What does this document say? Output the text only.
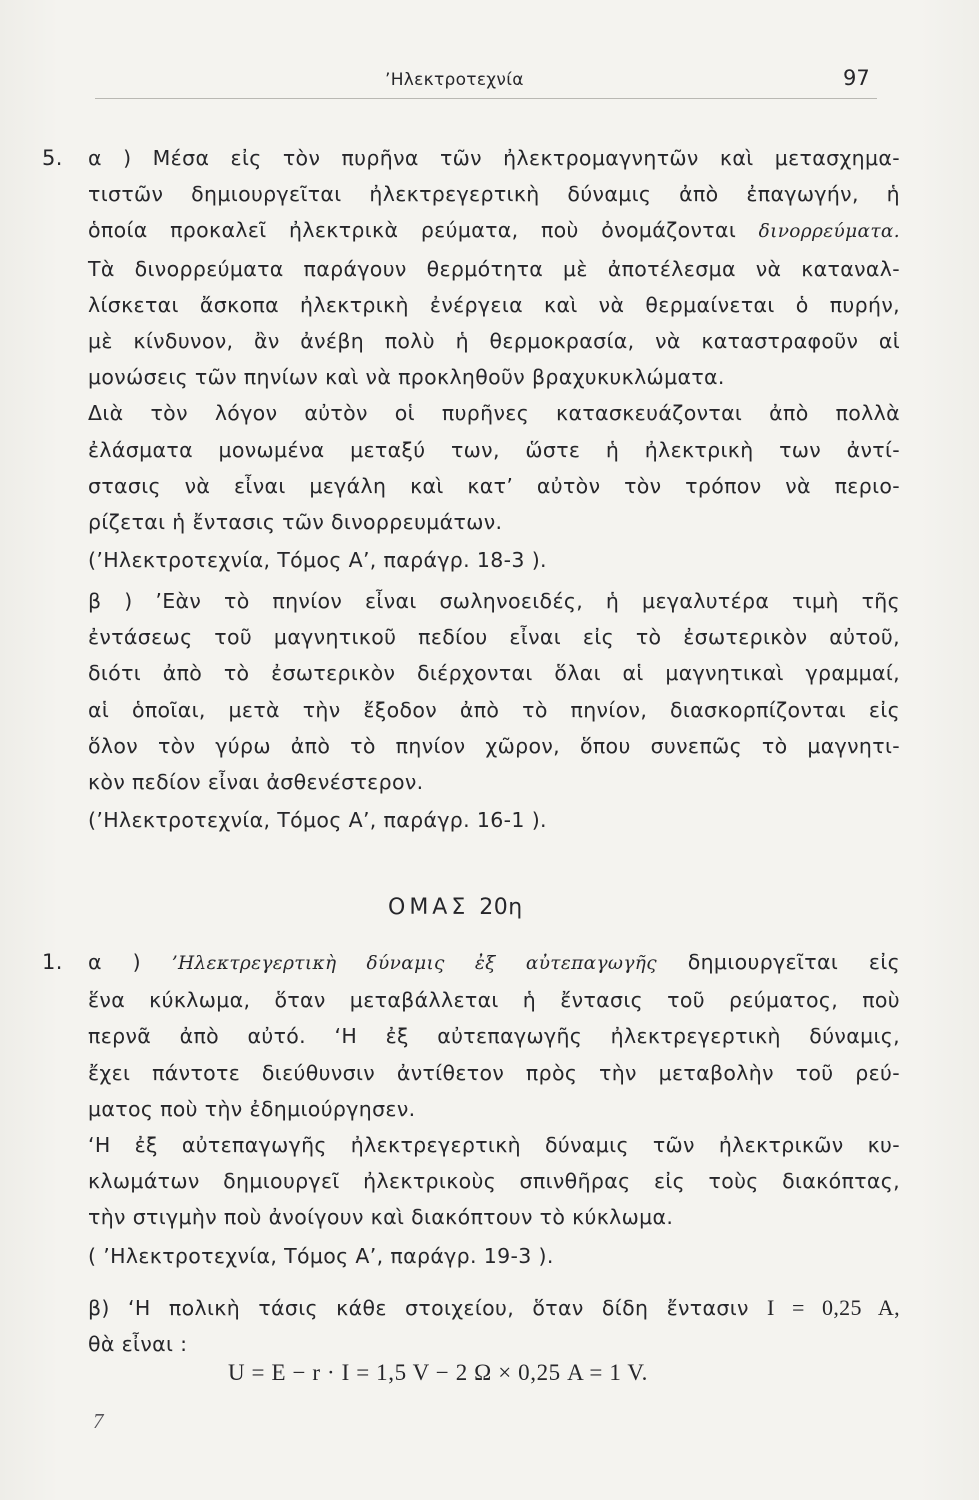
’Ηλεκτροτεχνία	97
5. α ) Μέσα εἰς τὸν πυρῆνα τῶν ἠλεκτρομαγνητῶν καὶ μετασχημα-
τιστῶν δημιουργεῖται ἠλεκτρεγερτικὴ δύναμις ἀπὸ ἐπαγωγήν, ἡ
ὁποία προκαλεῖ ἠλεκτρικὰ ρεύματα, ποὺ ὀνομάζονται δινορρεύματα.
Τὰ δινορρεύματα παράγουν θερμότητα μὲ ἀποτέλεσμα νὰ καταναλ-
λίσκεται ἄσκοπα ἠλεκτρικὴ ἐνέργεια καὶ νὰ θερμαίνεται ὁ πυρήν,
μὲ κίνδυνον, ἂν ἀνέβη πολὺ ἡ θερμοκρασία, νὰ καταστραφοῦν αἱ
μονώσεις τῶν πηνίων καὶ νὰ προκληθοῦν βραχυκυκλώματα.
Διὰ τὸν λόγον αὐτὸν οἱ πυρῆνες κατασκευάζονται ἀπὸ πολλὰ
ἐλάσματα μονωμένα μεταξύ των, ὥστε ἡ ἠλεκτρικὴ των ἀντί-
στασις νὰ εἶναι μεγάλη καὶ κατ’ αὐτὸν τὸν τρόπον νὰ περιο-
ρίζεται ἡ ἔντασις τῶν δινορρευμάτων.
(’Ηλεκτροτεχνία, Τόμος Α’, παράγρ. 18-3 ).
β ) ’Εὰν τὸ πηνίον εἶναι σωληνοειδές, ἡ μεγαλυτέρα τιμὴ τῆς
ἐντάσεως τοῦ μαγνητικοῦ πεδίου εἶναι εἰς τὸ ἐσωτερικὸν αὐτοῦ,
διότι ἀπὸ τὸ ἐσωτερικὸν διέρχονται ὅλαι αἱ μαγνητικαὶ γραμμαί,
αἱ ὁποῖαι, μετὰ τὴν ἔξοδον ἀπὸ τὸ πηνίον, διασκορπίζονται εἰς
ὅλον τὸν γύρω ἀπὸ τὸ πηνίον χῶρον, ὅπου συνεπῶς τὸ μαγνητι-
κὸν πεδίον εἶναι ἀσθενέστερον.
(’Ηλεκτροτεχνία, Τόμος Α’, παράγρ. 16-1 ).
ΟΜΑΣ 20η
1. α ) ’Ηλεκτρεγερτικὴ δύναμις ἐξ αὐτεπαγωγῆς δημιουργεῖται εἰς
ἕνα κύκλωμα, ὅταν μεταβάλλεται ἡ ἔντασις τοῦ ρεύματος, ποὺ
περνᾶ ἀπὸ αὐτό. ‘Η ἐξ αὐτεπαγωγῆς ἠλεκτρεγερτικὴ δύναμις,
ἔχει πάντοτε διεύθυνσιν ἀντίθετον πρὸς τὴν μεταβολὴν τοῦ ρεύ-
ματος ποὺ τὴν ἐδημιούργησεν.
‘Η ἐξ αὐτεπαγωγῆς ἠλεκτρεγερτικὴ δύναμις τῶν ἠλεκτρικῶν κυ-
κλωμάτων δημιουργεῖ ἠλεκτρικοὺς σπινθῆρας εἰς τοὺς διακόπτας,
τὴν στιγμὴν ποὺ ἀνοίγουν καὶ διακόπτουν τὸ κύκλωμα.
( ’Ηλεκτροτεχνία, Τόμος Α’, παράγρ. 19-3 ).
β) ‘Η πολικὴ τάσις κάθε στοιχείου, ὅταν δίδη ἔντασιν I = 0,25 A,
θὰ εἶναι :
U = E − r · I = 1,5 V − 2 Ω × 0,25 A = 1 V.
7
